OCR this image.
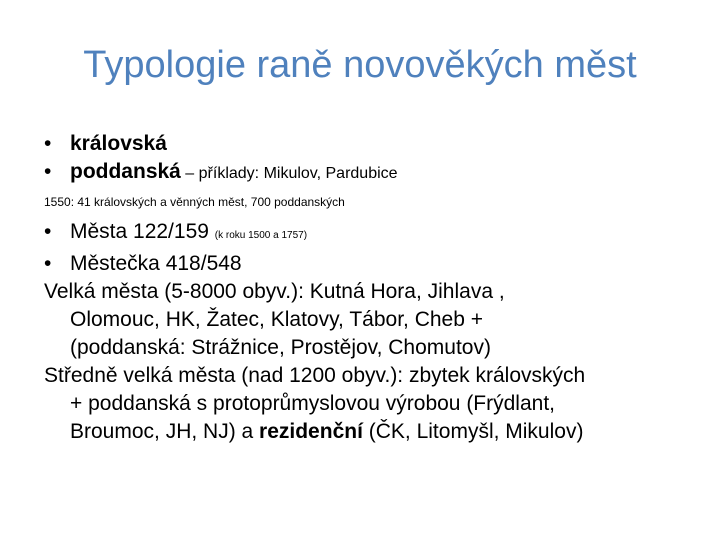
Typologie raně novověkých měst
• královská
• poddanská – příklady: Mikulov, Pardubice
1550: 41 královských a věnných měst, 700 poddanských
• Města 122/159 (k roku 1500 a 1757)
• Městečka 418/548
Velká města (5-8000 obyv.): Kutná Hora, Jihlava ,
Olomouc, HK, Žatec, Klatovy, Tábor, Cheb +
(poddanská: Strážnice, Prostějov, Chomutov)
Středně velká města (nad 1200 obyv.): zbytek královských
+ poddanská s protoprůmyslovou výrobou (Frýdlant,
Broumoc, JH, NJ) a rezidenční (ČK, Litomyšl, Mikulov)
